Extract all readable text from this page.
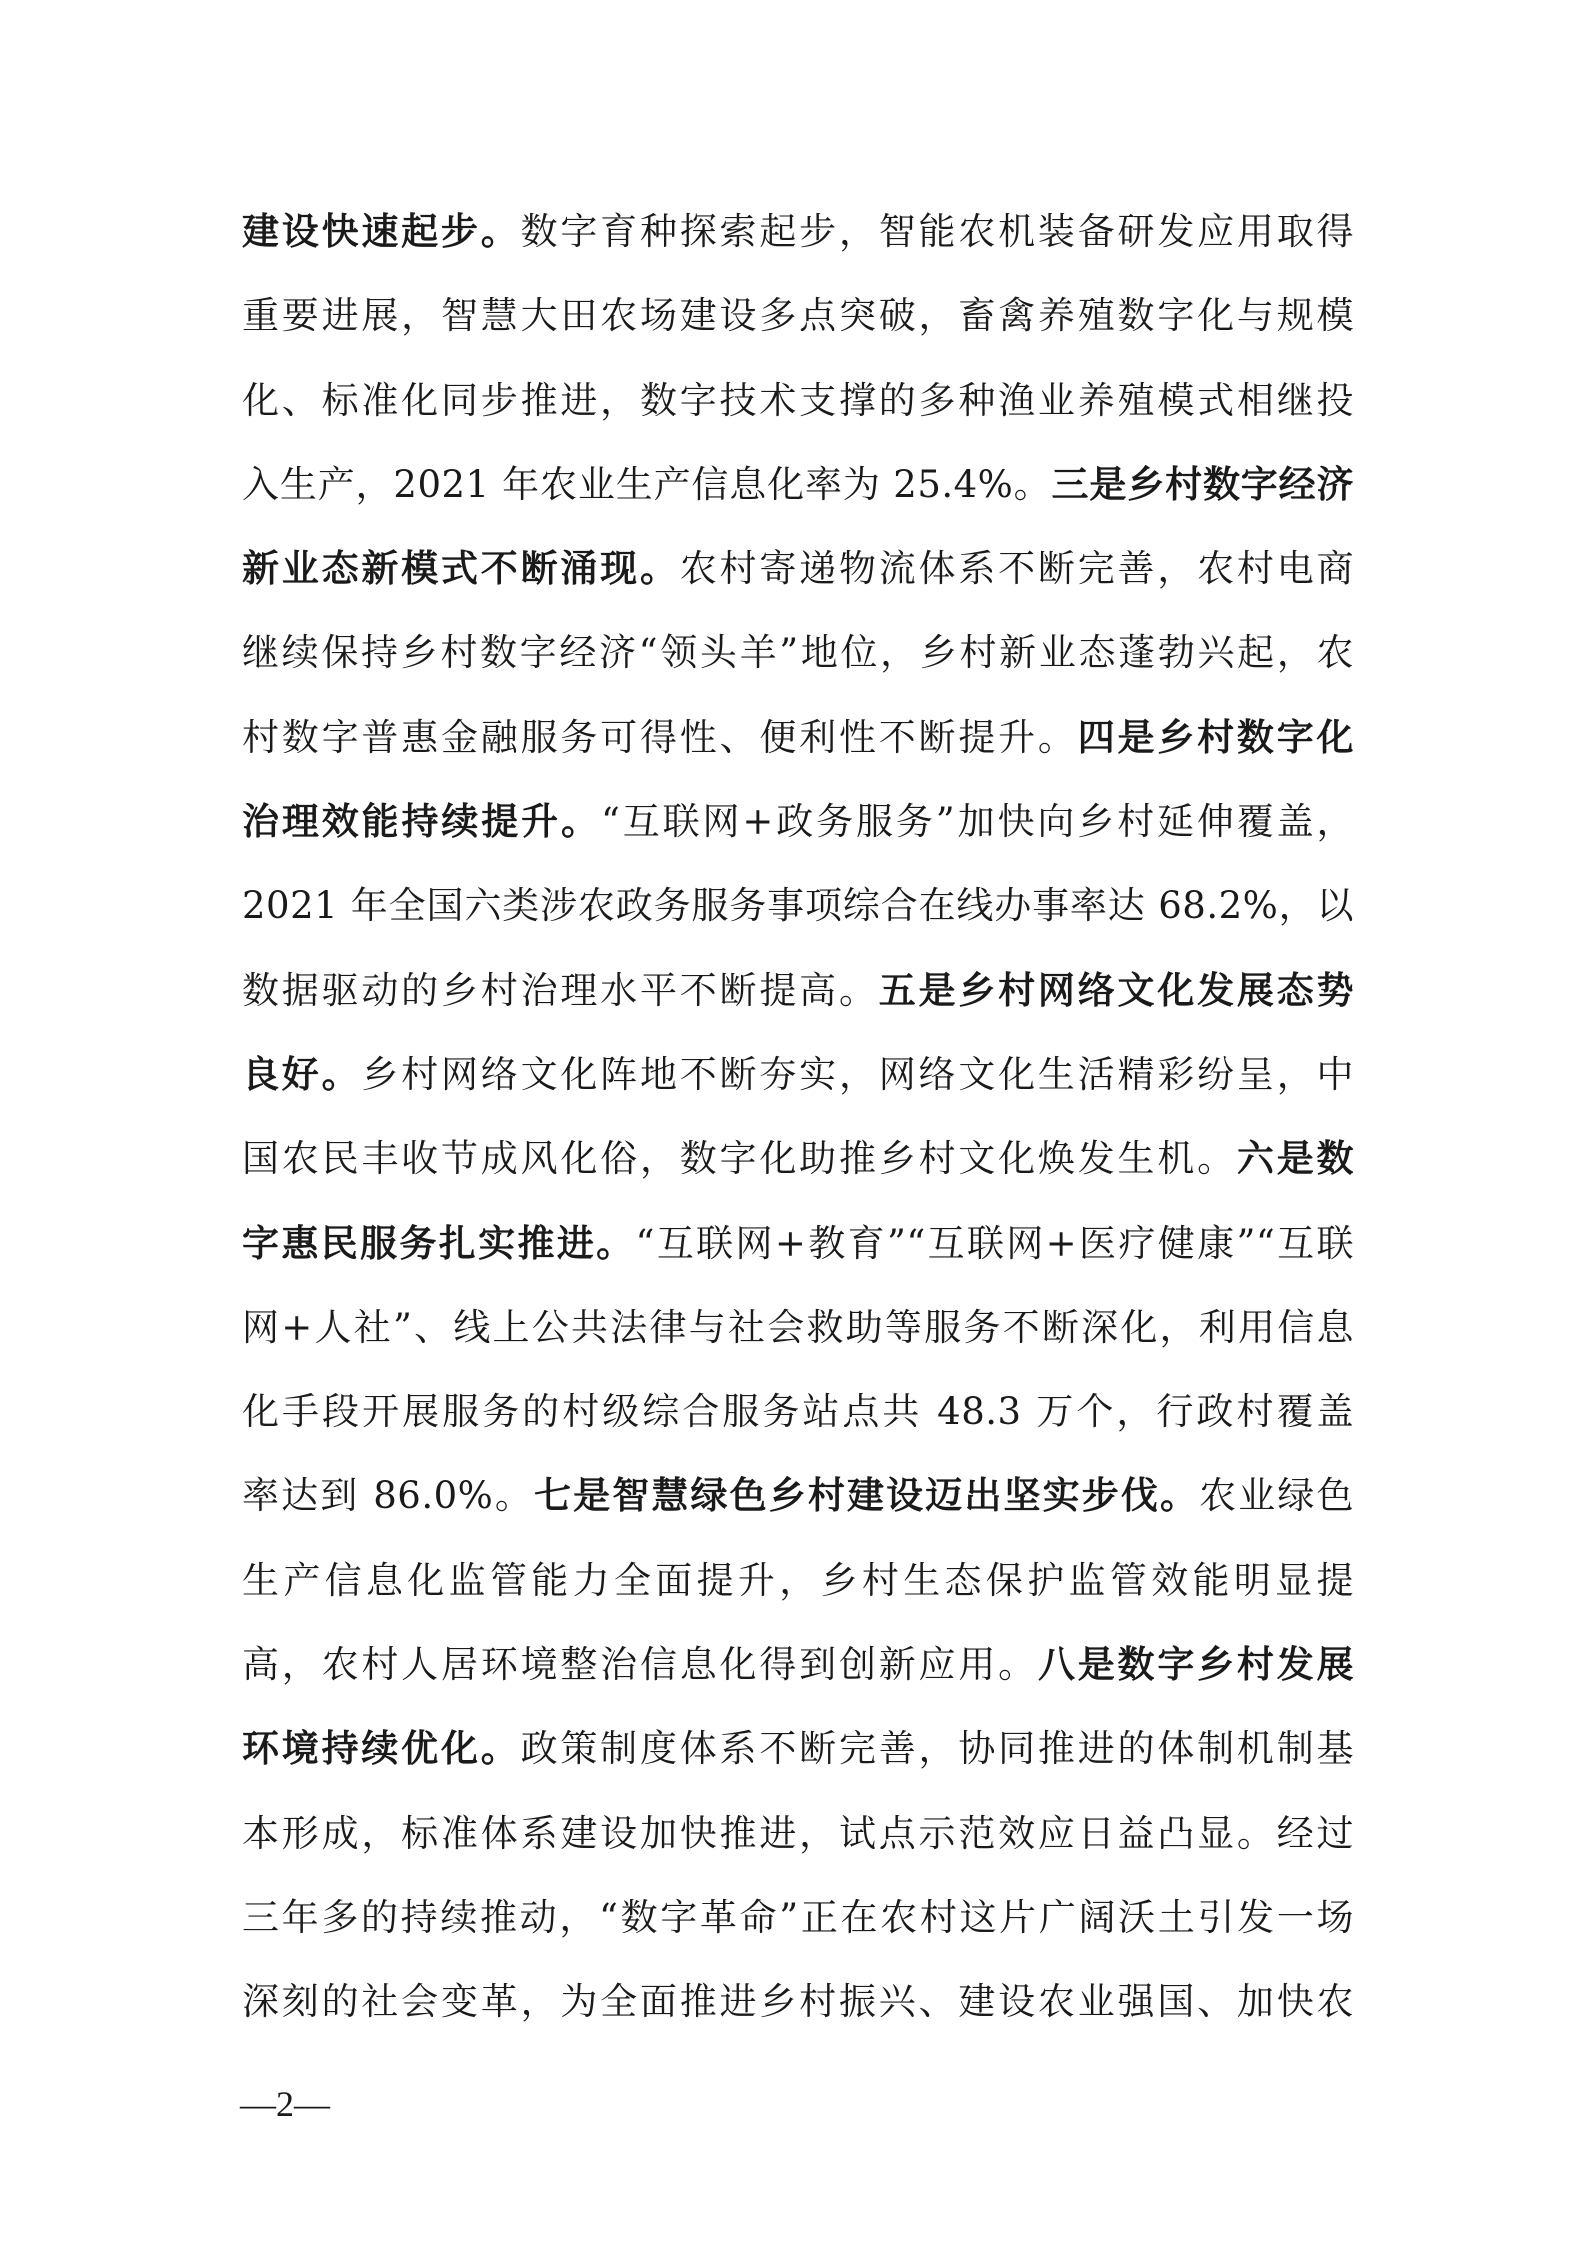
建设快速起步。数字育种探索起步，智能农机装备研发应用取得
重要进展，智慧大田农场建设多点突破，畜禽养殖数字化与规模
化、标准化同步推进，数字技术支撑的多种渔业养殖模式相继投
入生产，2021 年农业生产信息化率为 25.4%。三是乡村数字经济
新业态新模式不断涌现。农村寄递物流体系不断完善，农村电商
继续保持乡村数字经济“领头羊”地位，乡村新业态蓬勃兴起，农
村数字普惠金融服务可得性、便利性不断提升。四是乡村数字化
治理效能持续提升。“互联网+政务服务”加快向乡村延伸覆盖，
2021 年全国六类涉农政务服务事项综合在线办事率达 68.2%，以
数据驱动的乡村治理水平不断提高。五是乡村网络文化发展态势
良好。乡村网络文化阵地不断夯实，网络文化生活精彩纷呈，中
国农民丰收节成风化俗，数字化助推乡村文化焕发生机。六是数
字惠民服务扎实推进。“互联网+教育”“互联网+医疗健康”“互联
网+人社”、线上公共法律与社会救助等服务不断深化，利用信息
化手段开展服务的村级综合服务站点共 48.3 万个，行政村覆盖
率达到 86.0%。七是智慧绿色乡村建设迈出坚实步伐。农业绿色
生产信息化监管能力全面提升，乡村生态保护监管效能明显提
高，农村人居环境整治信息化得到创新应用。八是数字乡村发展
环境持续优化。政策制度体系不断完善，协同推进的体制机制基
本形成，标准体系建设加快推进，试点示范效应日益凸显。经过
三年多的持续推动，“数字革命”正在农村这片广阔沃土引发一场
深刻的社会变革，为全面推进乡村振兴、建设农业强国、加快农
—2—
